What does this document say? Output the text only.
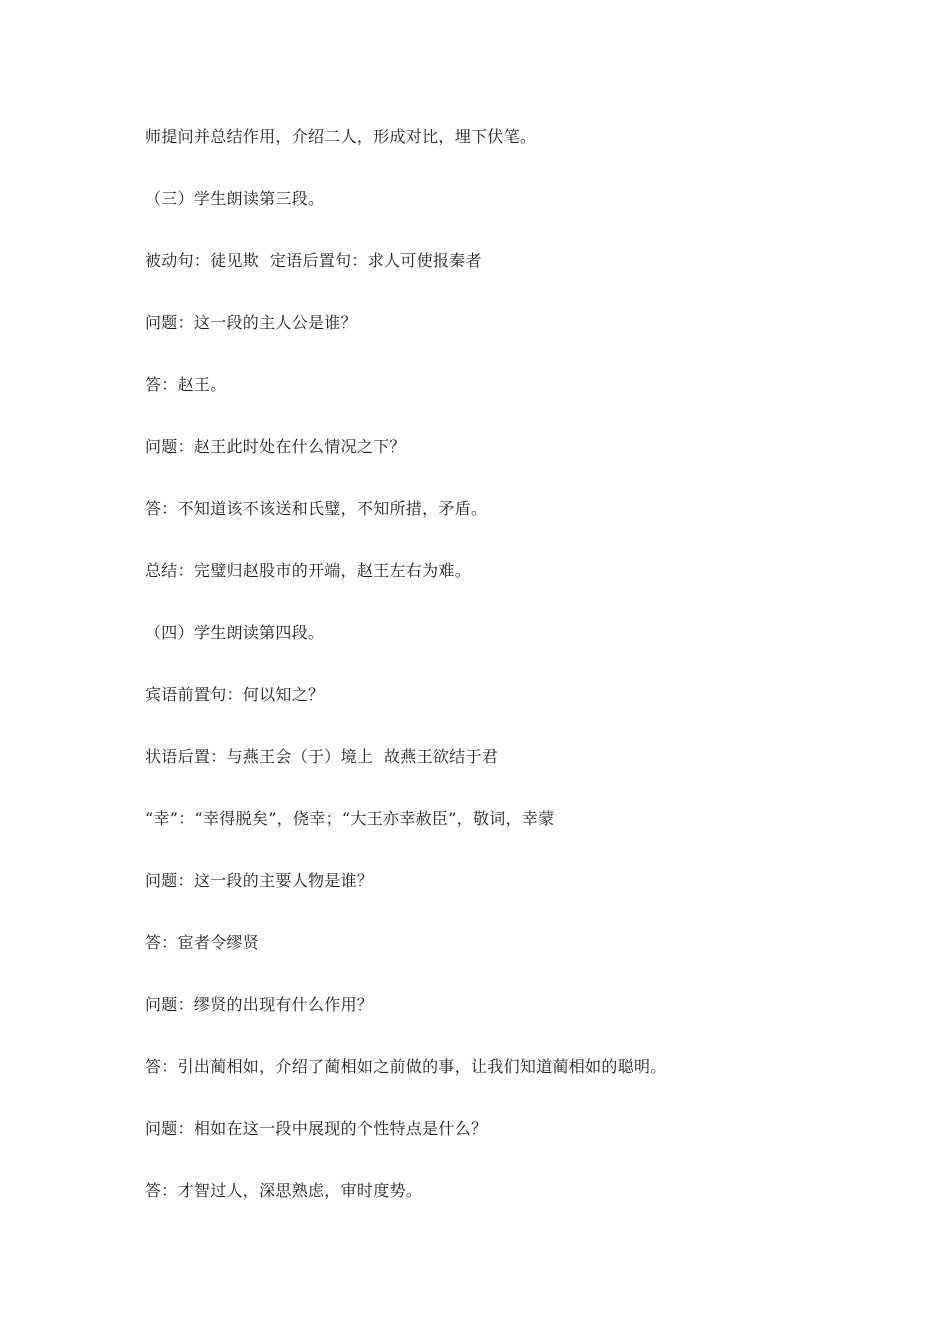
师提问并总结作用，介绍二人，形成对比，埋下伏笔。

（三）学生朗读第三段。

被动句：徒见欺  定语后置句：求人可使报秦者

问题：这一段的主人公是谁？

答：赵王。

问题：赵王此时处在什么情况之下？

答：不知道该不该送和氏璧，不知所措，矛盾。

总结：完璧归赵股市的开端，赵王左右为难。

（四）学生朗读第四段。

宾语前置句：何以知之？

状语后置：与燕王会（于）境上  故燕王欲结于君

“幸”：“幸得脱矣”，侥幸；“大王亦幸赦臣”，敬词，幸蒙

问题：这一段的主要人物是谁？

答：宦者令缪贤

问题：缪贤的出现有什么作用？

答：引出蔺相如，介绍了蔺相如之前做的事，让我们知道蔺相如的聪明。

问题：相如在这一段中展现的个性特点是什么？

答：才智过人，深思熟虑，审时度势。
